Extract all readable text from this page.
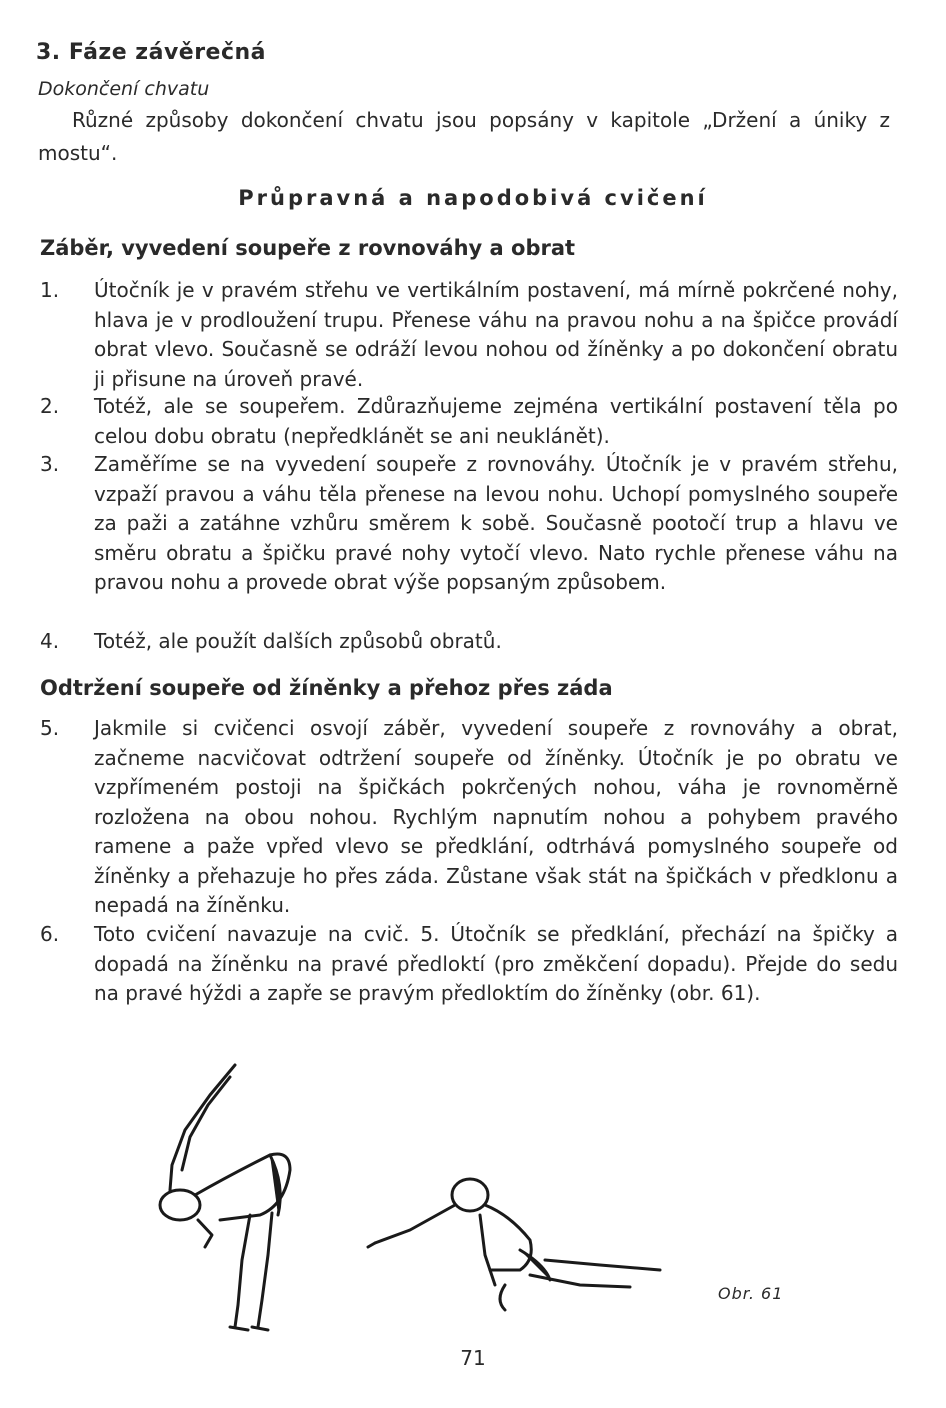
3. Fáze závěrečná
Dokončení chvatu
Různé způsoby dokončení chvatu jsou popsány v kapitole „Držení a úniky z mostu“.
Průpravná a napodobivá cvičení
Záběr, vyvedení soupeře z rovnováhy a obrat
1.	Útočník je v pravém střehu ve vertikálním postavení, má mírně pokrčené nohy, hlava je v prodloužení trupu. Přenese váhu na pravou nohu a na špičce provádí obrat vlevo. Současně se odráží levou nohou od žíněnky a po dokončení obratu ji přisune na úroveň pravé.
2.	Totéž, ale se soupeřem. Zdůrazňujeme zejména vertikální postavení těla po celou dobu obratu (nepředklánět se ani neuklánět).
3.	Zaměříme se na vyvedení soupeře z rovnováhy. Útočník je v pravém střehu, vzpaží pravou a váhu těla přenese na levou nohu. Uchopí pomyslného soupeře za paži a zatáhne vzhůru směrem k sobě. Současně pootočí trup a hlavu ve směru obratu a špičku pravé nohy vytočí vlevo. Nato rychle přenese váhu na pravou nohu a provede obrat výše popsaným způsobem.
4.	Totéž, ale použít dalších způsobů obratů.
Odtržení soupeře od žíněnky a přehoz přes záda
5.	Jakmile si cvičenci osvojí záběr, vyvedení soupeře z rovnováhy a obrat, začneme nacvičovat odtržení soupeře od žíněnky. Útočník je po obratu ve vzpřímeném postoji na špičkách pokrčených nohou, váha je rovnoměrně rozložena na obou nohou. Rychlým napnutím nohou a pohybem pravého ramene a paže vpřed vlevo se předklání, odtrhává pomyslného soupeře od žíněnky a přehazuje ho přes záda. Zůstane však stát na špičkách v předklonu a nepadá na žíněnku.
6.	Toto cvičení navazuje na cvič. 5. Útočník se předklání, přechází na špičky a dopadá na žíněnku na pravé předloktí (pro změkčení dopadu). Přejde do sedu na pravé hýždi a zapře se pravým předloktím do žíněnky (obr. 61).
Obr. 61
71
